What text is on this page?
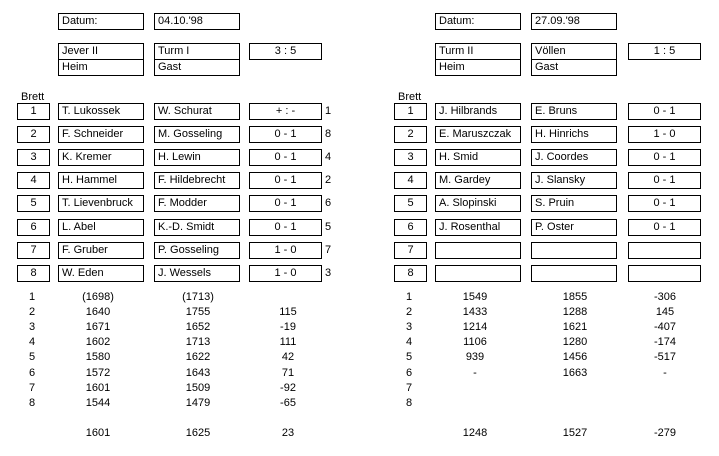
Datum:	04.10.'98
Jever II
Heim
Turm I
Gast
3 : 5
Brett
1	T. Lukossek	W. Schurat	+ : -	1
2	F. Schneider	M. Gosseling	0 - 1	8
3	K. Kremer	H. Lewin	0 - 1	4
4	H. Hammel	F. Hildebrecht	0 - 1	2
5	T. Lievenbruck	F. Modder	0 - 1	6
6	L. Abel	K.-D. Smidt	0 - 1	5
7	F. Gruber	P. Gosseling	1 - 0	7
8	W. Eden	J. Wessels	1 - 0	3
1	(1698)	(1713)
2	1640	1755	115
3	1671	1652	-19
4	1602	1713	111
5	1580	1622	42
6	1572	1643	71
7	1601	1509	-92
8	1544	1479	-65
1601	1625	23
Datum:	27.09.'98
Turm II
Heim
Völlen
Gast
1 : 5
Brett
1	J. Hilbrands	E. Bruns	0 - 1
2	E. Maruszczak	H. Hinrichs	1 - 0
3	H. Smid	J. Coordes	0 - 1
4	M. Gardey	J. Slansky	0 - 1
5	A. Slopinski	S. Pruin	0 - 1
6	J. Rosenthal	P. Oster	0 - 1
7
8
1	1549	1855	-306
2	1433	1288	145
3	1214	1621	-407
4	1106	1280	-174
5	939	1456	-517
6	-	1663	-
7
8
1248	1527	-279
